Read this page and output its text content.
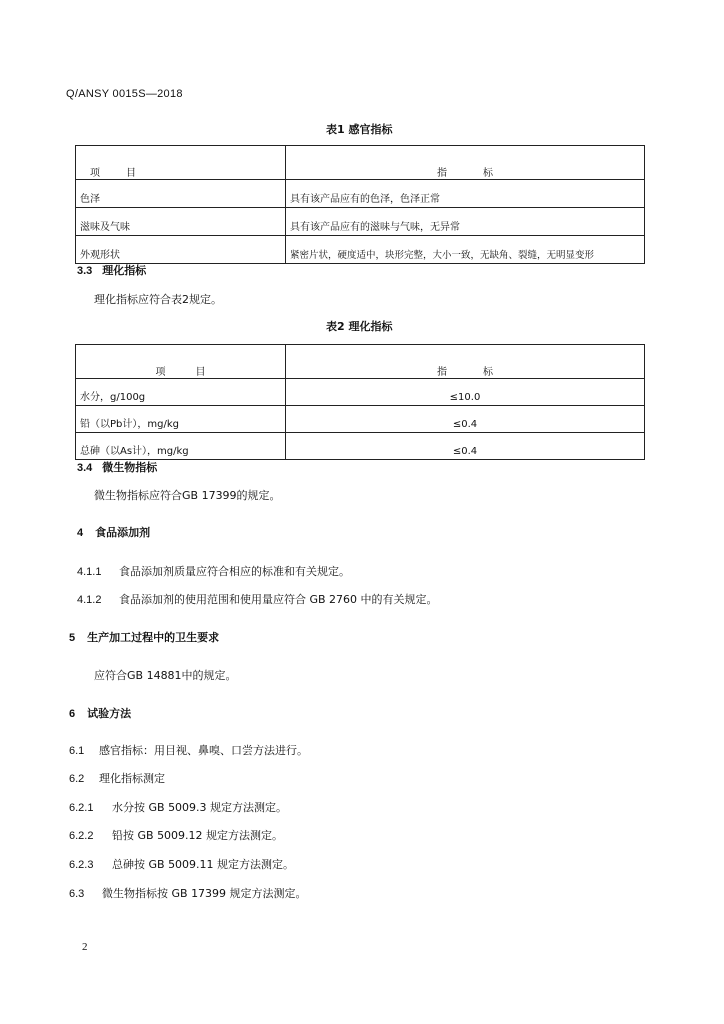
Q/ANSY 0015S—2018
表1 感官指标
项 目	指 标
色泽	具有该产品应有的色泽，色泽正常
滋味及气味	具有该产品应有的滋味与气味，无异常
外观形状	紧密片状，硬度适中，块形完整，大小一致，无缺角、裂缝，无明显变形
3.3 理化指标
理化指标应符合表2规定。
表2 理化指标
项 目	指 标
水分，g/100g	≤10.0
铅（以Pb计），mg/kg	≤0.4
总砷（以As计），mg/kg	≤0.4
3.4 微生物指标
微生物指标应符合GB 17399的规定。
4 食品添加剂
4.1.1 食品添加剂质量应符合相应的标准和有关规定。
4.1.2 食品添加剂的使用范围和使用量应符合 GB 2760 中的有关规定。
5 生产加工过程中的卫生要求
应符合GB 14881中的规定。
6 试验方法
6.1 感官指标：用目视、鼻嗅、口尝方法进行。
6.2 理化指标测定
6.2.1 水分按 GB 5009.3 规定方法测定。
6.2.2 铅按 GB 5009.12 规定方法测定。
6.2.3 总砷按 GB 5009.11 规定方法测定。
6.3 微生物指标按 GB 17399 规定方法测定。
2
